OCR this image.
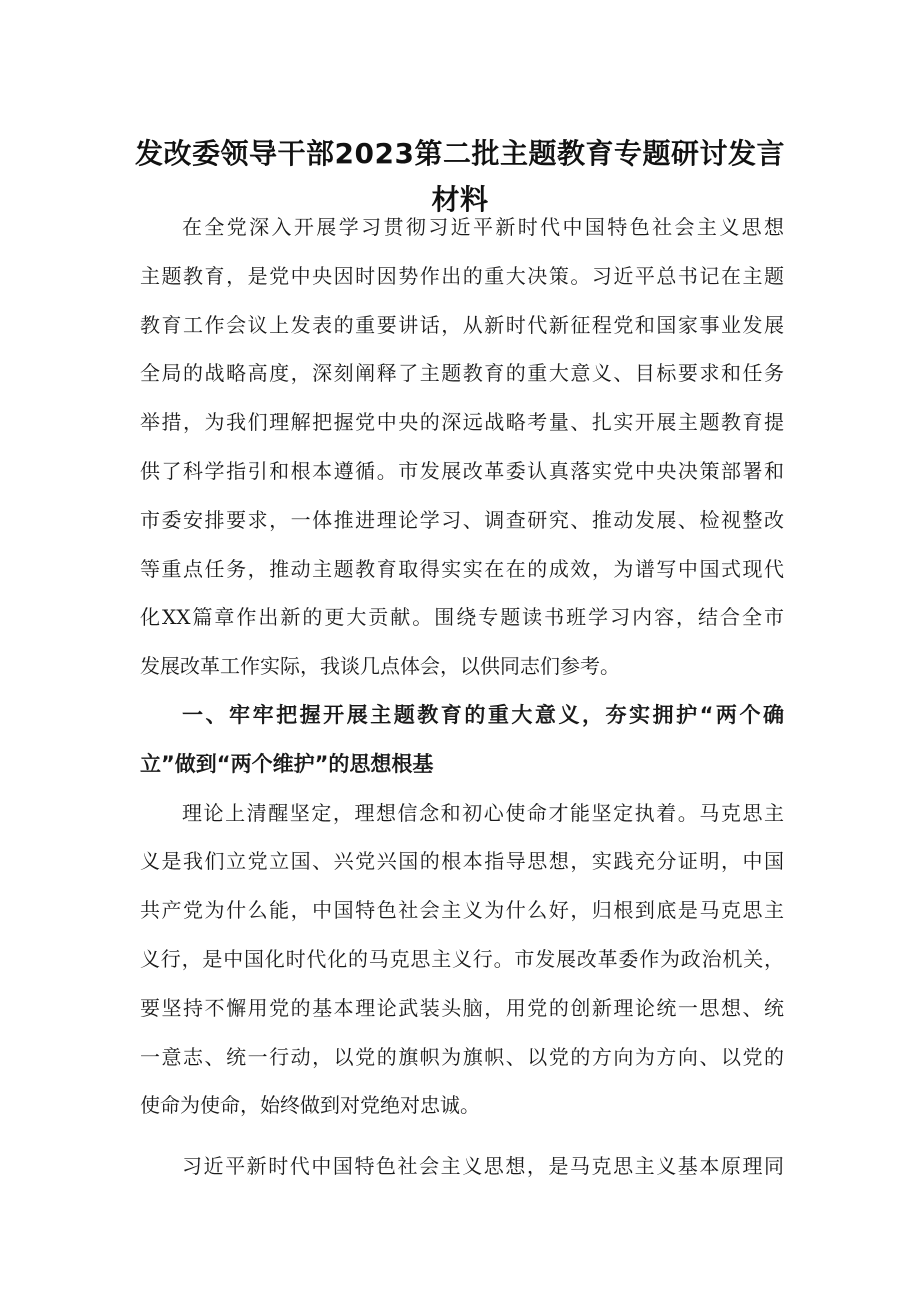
发改委领导干部2023第二批主题教育专题研讨发言
材料
在全党深入开展学习贯彻习近平新时代中国特色社会主义思想
主题教育，是党中央因时因势作出的重大决策。习近平总书记在主题
教育工作会议上发表的重要讲话，从新时代新征程党和国家事业发展
全局的战略高度，深刻阐释了主题教育的重大意义、目标要求和任务
举措，为我们理解把握党中央的深远战略考量、扎实开展主题教育提
供了科学指引和根本遵循。市发展改革委认真落实党中央决策部署和
市委安排要求，一体推进理论学习、调查研究、推动发展、检视整改
等重点任务，推动主题教育取得实实在在的成效，为谱写中国式现代
化XX篇章作出新的更大贡献。围绕专题读书班学习内容，结合全市
发展改革工作实际，我谈几点体会，以供同志们参考。
一、牢牢把握开展主题教育的重大意义，夯实拥护“两个确
立”做到“两个维护”的思想根基
理论上清醒坚定，理想信念和初心使命才能坚定执着。马克思主
义是我们立党立国、兴党兴国的根本指导思想，实践充分证明，中国
共产党为什么能，中国特色社会主义为什么好，归根到底是马克思主
义行，是中国化时代化的马克思主义行。市发展改革委作为政治机关，
要坚持不懈用党的基本理论武装头脑，用党的创新理论统一思想、统
一意志、统一行动，以党的旗帜为旗帜、以党的方向为方向、以党的
使命为使命，始终做到对党绝对忠诚。
习近平新时代中国特色社会主义思想，是马克思主义基本原理同
